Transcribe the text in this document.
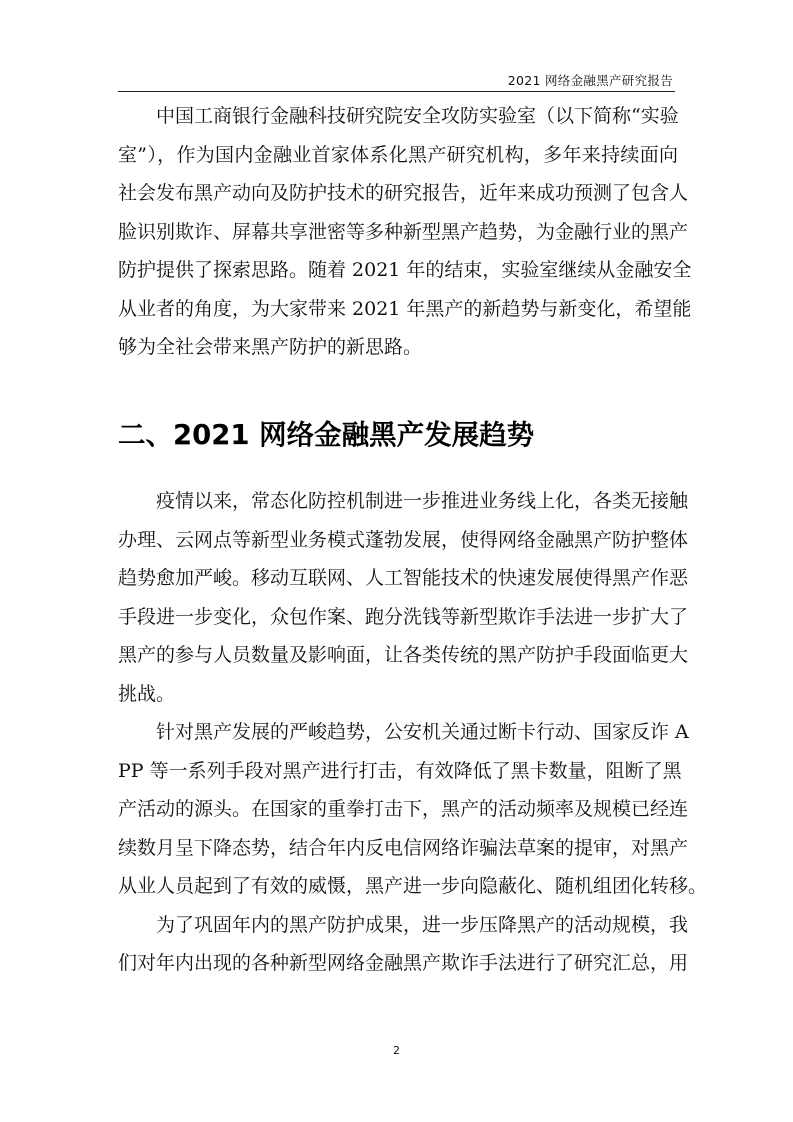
2021 网络金融黑产研究报告
中国工商银行金融科技研究院安全攻防实验室（以下简称“实验
室”），作为国内金融业首家体系化黑产研究机构，多年来持续面向
社会发布黑产动向及防护技术的研究报告，近年来成功预测了包含人
脸识别欺诈、屏幕共享泄密等多种新型黑产趋势，为金融行业的黑产
防护提供了探索思路。随着 2021 年的结束，实验室继续从金融安全
从业者的角度，为大家带来 2021 年黑产的新趋势与新变化，希望能
够为全社会带来黑产防护的新思路。
二、2021 网络金融黑产发展趋势
疫情以来，常态化防控机制进一步推进业务线上化，各类无接触
办理、云网点等新型业务模式蓬勃发展，使得网络金融黑产防护整体
趋势愈加严峻。移动互联网、人工智能技术的快速发展使得黑产作恶
手段进一步变化，众包作案、跑分洗钱等新型欺诈手法进一步扩大了
黑产的参与人员数量及影响面，让各类传统的黑产防护手段面临更大
挑战。
针对黑产发展的严峻趋势，公安机关通过断卡行动、国家反诈 A
PP 等一系列手段对黑产进行打击，有效降低了黑卡数量，阻断了黑
产活动的源头。在国家的重拳打击下，黑产的活动频率及规模已经连
续数月呈下降态势，结合年内反电信网络诈骗法草案的提审，对黑产
从业人员起到了有效的威慑，黑产进一步向隐蔽化、随机组团化转移。
为了巩固年内的黑产防护成果，进一步压降黑产的活动规模，我
们对年内出现的各种新型网络金融黑产欺诈手法进行了研究汇总，用
2
